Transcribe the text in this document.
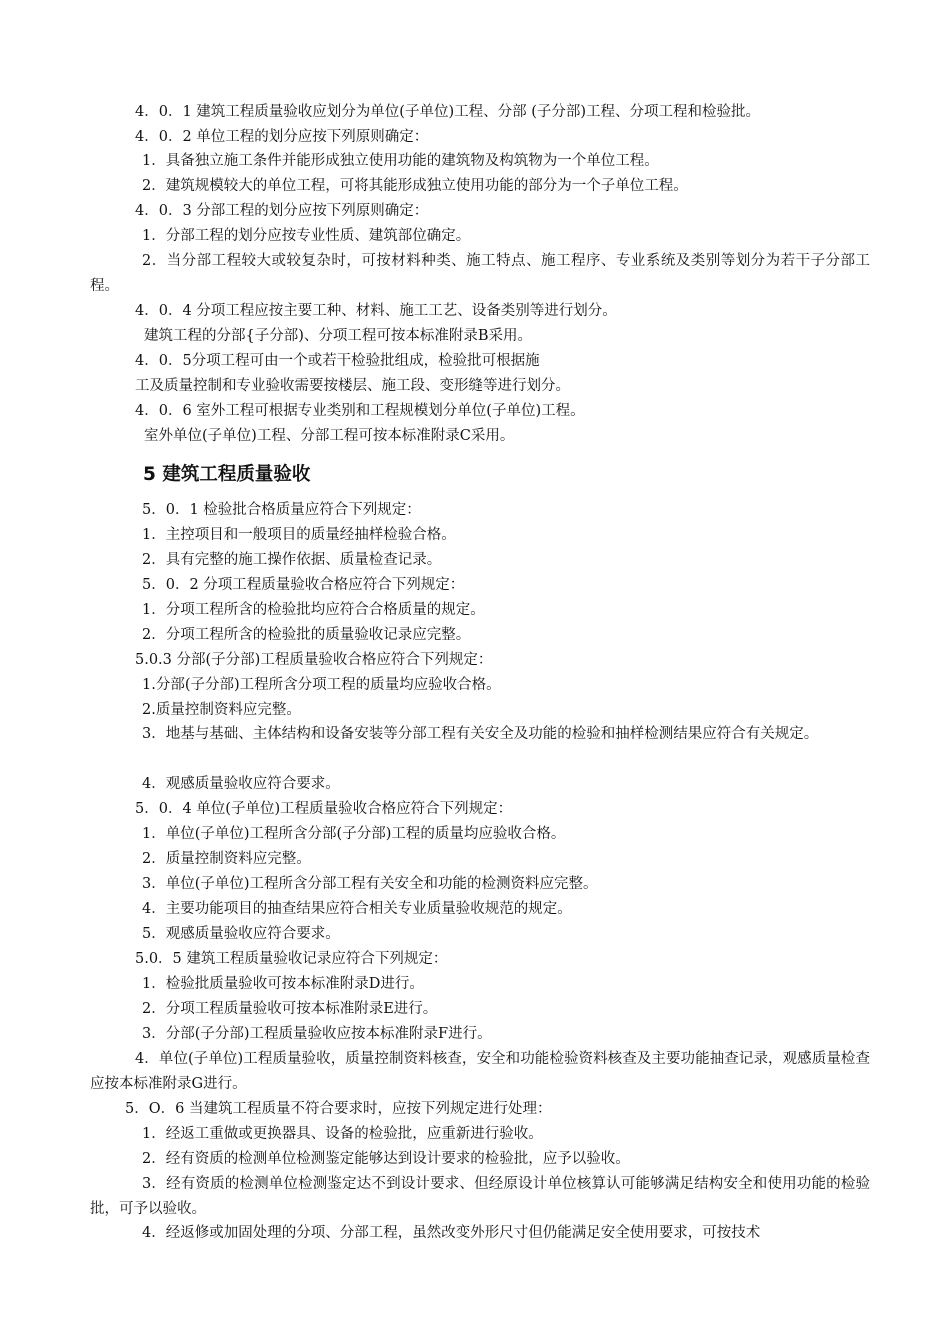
4．0．1 建筑工程质量验收应划分为单位(子单位)工程、分部 (子分部)工程、分项工程和检验批。
4．0．2 单位工程的划分应按下列原则确定：
1．具备独立施工条件并能形成独立使用功能的建筑物及构筑物为一个单位工程。
2．建筑规模较大的单位工程，可将其能形成独立使用功能的部分为一个子单位工程。
4．0．3 分部工程的划分应按下列原则确定：
1．分部工程的划分应按专业性质、建筑部位确定。
2．当分部工程较大或较复杂时，可按材料种类、施工特点、施工程序、专业系统及类别等划分为若干子分部工程。
4．0．4 分项工程应按主要工种、材料、施工工艺、设备类别等进行划分。
建筑工程的分部{子分部)、分项工程可按本标准附录B采用。
4．0．5分项工程可由一个或若干检验批组成，检验批可根据施
工及质量控制和专业验收需要按楼层、施工段、变形缝等进行划分。
4．0．6 室外工程可根据专业类别和工程规模划分单位(子单位)工程。
室外单位(子单位)工程、分部工程可按本标准附录C采用。
5 建筑工程质量验收
5．0．1 检验批合格质量应符合下列规定：
1．主控项目和一般项目的质量经抽样检验合格。
2．具有完整的施工操作依据、质量检查记录。
5．0．2 分项工程质量验收合格应符合下列规定：
1．分项工程所含的检验批均应符合合格质量的规定。
2．分项工程所含的检验批的质量验收记录应完整。
5.0.3 分部(子分部)工程质量验收合格应符合下列规定：
1.分部(子分部)工程所含分项工程的质量均应验收合格。
2.质量控制资料应完整。
3．地基与基础、主体结构和设备安装等分部工程有关安全及功能的检验和抽样检测结果应符合有关规定。
4．观感质量验收应符合要求。
5．0．4 单位(子单位)工程质量验收合格应符合下列规定：
1．单位(子单位)工程所含分部(子分部)工程的质量均应验收合格。
2．质量控制资料应完整。
3．单位(子单位)工程所含分部工程有关安全和功能的检测资料应完整。
4．主要功能项目的抽查结果应符合相关专业质量验收规范的规定。
5．观感质量验收应符合要求。
5.0．5 建筑工程质量验收记录应符合下列规定：
1．检验批质量验收可按本标准附录D进行。
2．分项工程质量验收可按本标准附录E进行。
3．分部(子分部)工程质量验收应按本标准附录F进行。
4．单位(子单位)工程质量验收，质量控制资料核查，安全和功能检验资料核查及主要功能抽查记录，观感质量检查应按本标准附录G进行。
5．O．6 当建筑工程质量不符合要求时，应按下列规定进行处理：
1．经返工重做或更换器具、设备的检验批，应重新进行验收。
2．经有资质的检测单位检测鉴定能够达到设计要求的检验批，应予以验收。
3．经有资质的检测单位检测鉴定达不到设计要求、但经原设计单位核算认可能够满足结构安全和使用功能的检验批，可予以验收。
4．经返修或加固处理的分项、分部工程，虽然改变外形尺寸但仍能满足安全使用要求，可按技术
